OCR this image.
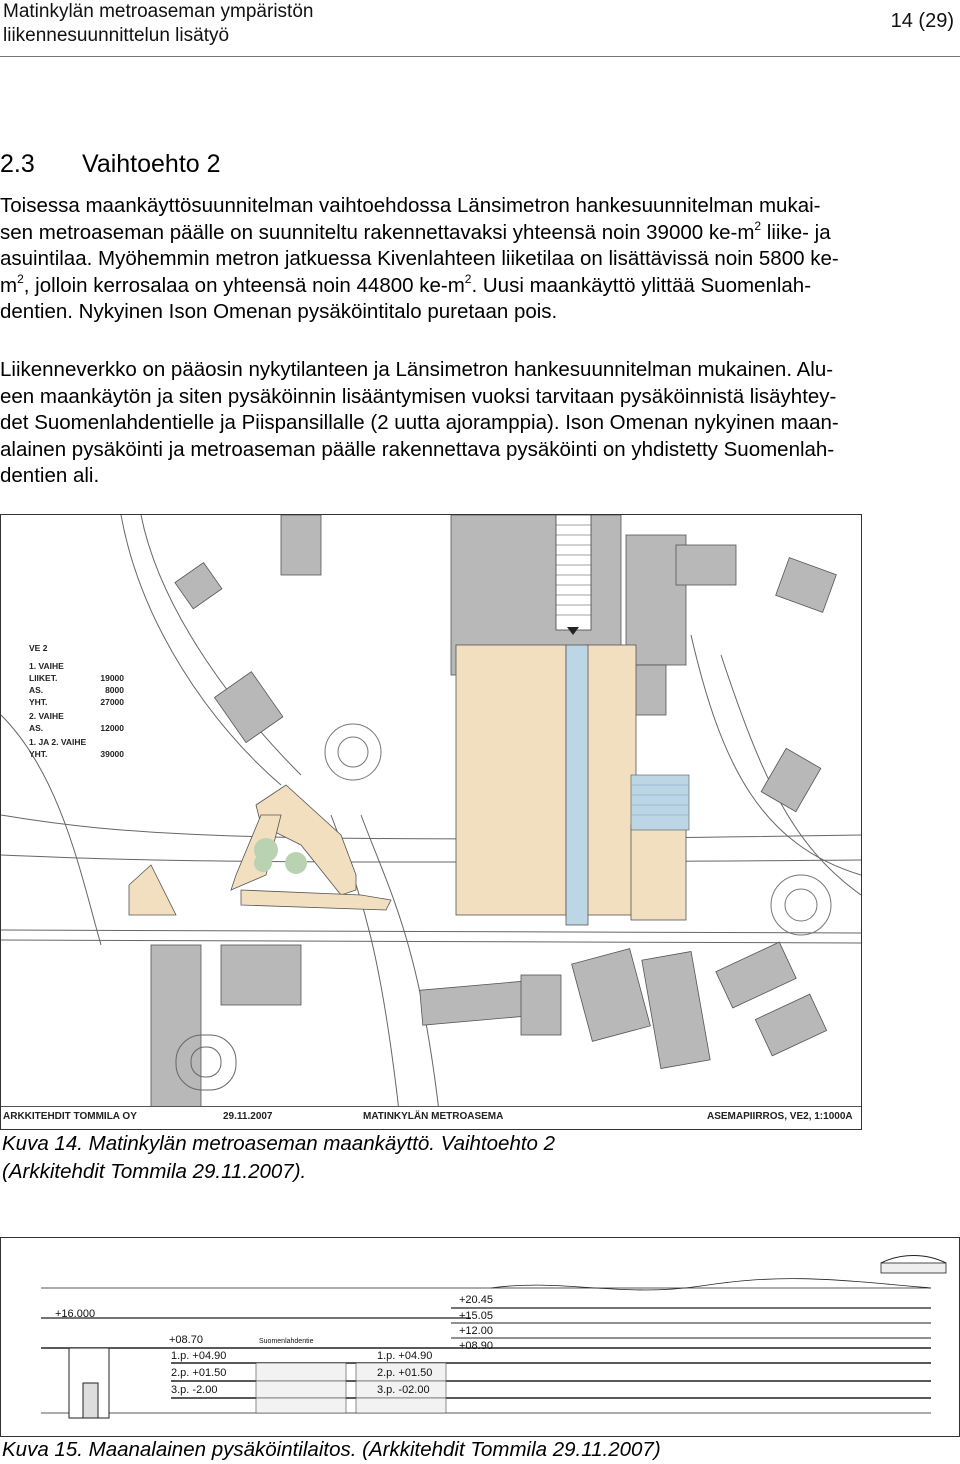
Matinkylän metroaseman ympäristön
liikennesuunnittelun lisätyö
14 (29)
2.3 Vaihtoehto 2
Toisessa maankäyttösuunnitelman vaihtoehdossa Länsimetron hankesuunnitelman mukai-
sen metroaseman päälle on suunniteltu rakennettavaksi yhteensä noin 39000 $ke-m^2$ liike- ja
asuintilaa. Myöhemmin metron jatkuessa Kivenlahteen liiketilaa on lisättävissä noin 5800 ke-
$m^2$, jolloin kerrosalaa on yhteensä noin 44800 $ke-m^2$. Uusi maankäyttö ylittää Suomenlah-
dentien. Nykyinen Ison Omenan pysäköintitalo puretaan pois.
Liikenneverkko on pääosin nykytilanteen ja Länsimetron hankesuunnitelman mukainen. Alu-
een maankäytön ja siten pysäköinnin lisääntymisen vuoksi tarvitaan pysäköinnistä lisäyhtey-
det Suomenlahdentielle ja Piispansillalle (2 uutta ajoramppia). Ison Omenan nykyinen maan-
alainen pysäköinti ja metroaseman päälle rakennettava pysäköinti on yhdistetty Suomenlah-
dentien ali.
VE 2
1. VAIHE
LIIKET.	19000
AS.	8000
YHT.	27000
2. VAIHE
AS.	12000
1. JA 2. VAIHE
YHT.	39000
ARKKITEHDIT TOMMILA OY	29.11.2007	MATINKYLÄN METROASEMA	ASEMAPIIRROS, VE2, 1:1000A
Kuva 14. Matinkylän metroaseman maankäyttö. Vaihtoehto 2
(Arkkitehdit Tommila 29.11.2007).
+16.000
+08.70	Suomenlahdentie
1.p. +04.90
2.p. +01.50
3.p. -2.00
1.p. +04.90
2.p. +01.50
3.p. -02.00
+20.45
+15.05
+12.00
+08.90
Kuva 15. Maanalainen pysäköintilaitos. (Arkkitehdit Tommila 29.11.2007)
